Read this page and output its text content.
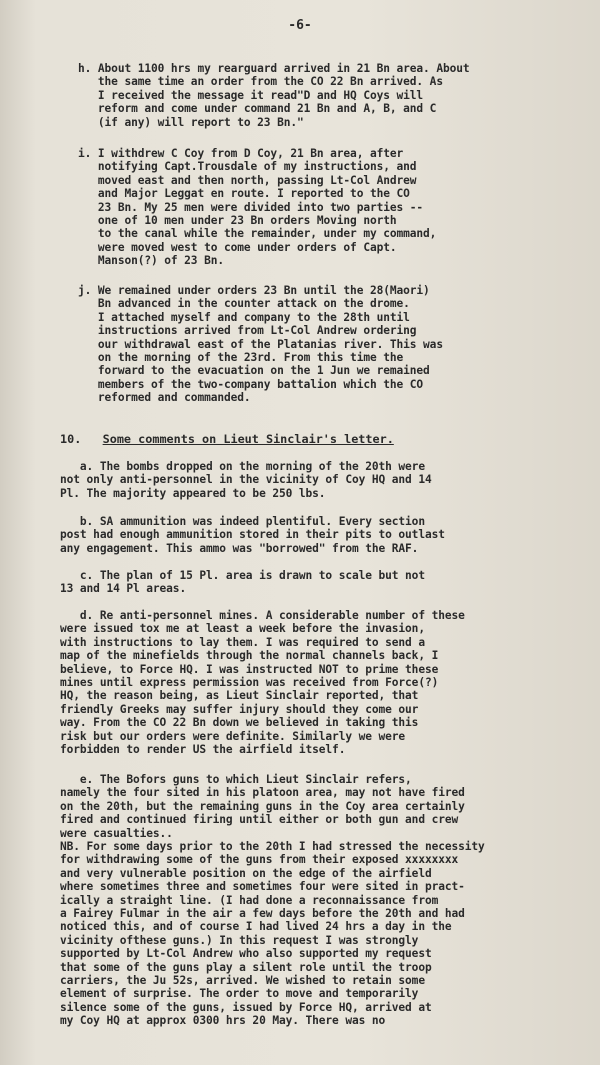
-6-
h. About 1100 hrs my rearguard arrived in 21 Bn area. About
the same time an order from the CO 22 Bn arrived. As
I received the message it read"D and HQ Coys will
reform and come under command 21 Bn and A, B, and C
(if any) will report to 23 Bn."
i. I withdrew C Coy from D Coy, 21 Bn area, after
notifying Capt.Trousdale of my instructions, and
moved east and then north, passing Lt-Col Andrew
and Major Leggat en route. I reported to the CO
23 Bn. My 25 men were divided into two parties --
one of 10 men under 23 Bn orders Moving north
to the canal while the remainder, under my command,
were moved west to come under orders of Capt.
Manson(?) of 23 Bn.
j. We remained under orders 23 Bn until the 28(Maori)
Bn advanced in the counter attack on the drome.
I attached myself and company to the 28th until
instructions arrived from Lt-Col Andrew ordering
our withdrawal east of the Platanias river. This was
on the morning of the 23rd. From this time the
forward to the evacuation on the 1 Jun we remained
members of the two-company battalion which the CO
reformed and commanded.
10. Some comments on Lieut Sinclair's letter.
a. The bombs dropped on the morning of the 20th were
not only anti-personnel in the vicinity of Coy HQ and 14
Pl. The majority appeared to be 250 lbs.
b. SA ammunition was indeed plentiful. Every section
post had enough ammunition stored in their pits to outlast
any engagement. This ammo was "borrowed" from the RAF.
c. The plan of 15 Pl. area is drawn to scale but not
13 and 14 Pl areas.
d. Re anti-personnel mines. A considerable number of these
were issued tox me at least a week before the invasion,
with instructions to lay them. I was required to send a
map of the minefields through the normal channels back, I
believe, to Force HQ. I was instructed NOT to prime these
mines until express permission was received from Force(?)
HQ, the reason being, as Lieut Sinclair reported, that
friendly Greeks may suffer injury should they come our
way. From the CO 22 Bn down we believed in taking this
risk but our orders were definite. Similarly we were
forbidden to render US the airfield itself.
e. The Bofors guns to which Lieut Sinclair refers,
namely the four sited in his platoon area, may not have fired
on the 20th, but the remaining guns in the Coy area certainly
fired and continued firing until either or both gun and crew
were casualties..
NB. For some days prior to the 20th I had stressed the necessity
for withdrawing some of the guns from their exposed xxxxxxxx
and very vulnerable position on the edge of the airfield
where sometimes three and sometimes four were sited in pract-
ically a straight line. (I had done a reconnaissance from
a Fairey Fulmar in the air a few days before the 20th and had
noticed this, and of course I had lived 24 hrs a day in the
vicinity ofthese guns.) In this request I was strongly
supported by Lt-Col Andrew who also supported my request
that some of the guns play a silent role until the troop
carriers, the Ju 52s, arrived. We wished to retain some
element of surprise. The order to move and temporarily
silence some of the guns, issued by Force HQ, arrived at
my Coy HQ at approx 0300 hrs 20 May. There was no
